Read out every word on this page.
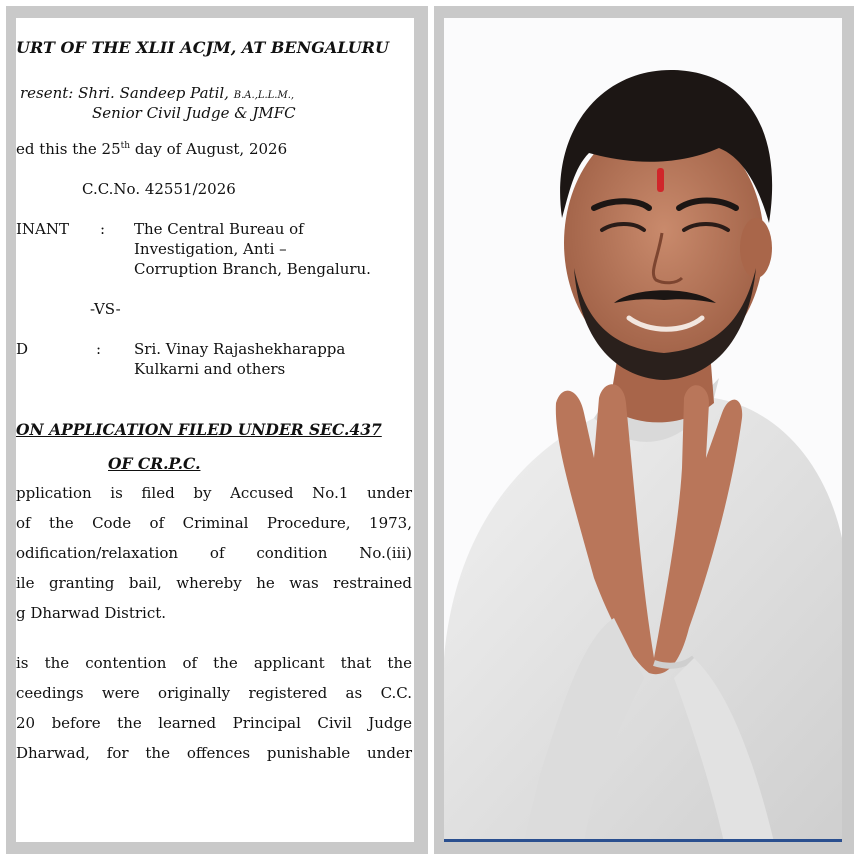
URT OF THE XLII ACJM, AT BENGALURU
resent: Shri. Sandeep Patil, B.A.,L.L.M.,
Senior Civil Judge & JMFC
ed this the 25th day of August, 2026
C.C.No. 42551/2026
INANT : The Central Bureau of
Investigation, Anti –
Corruption Branch, Bengaluru.
-VS-
D	: Sri. Vinay Rajashekharappa
Kulkarni and others
ON APPLICATION FILED UNDER SEC.437
OF CR.P.C.
pplication is filed by Accused No.1 under
of the Code of Criminal Procedure, 1973,
odification/relaxation of condition No.(iii)
ile granting bail, whereby he was restrained
g Dharwad District.
is the contention of the applicant that the
ceedings were originally registered as C.C.
20 before the learned Principal Civil Judge
Dharwad, for the offences punishable under
